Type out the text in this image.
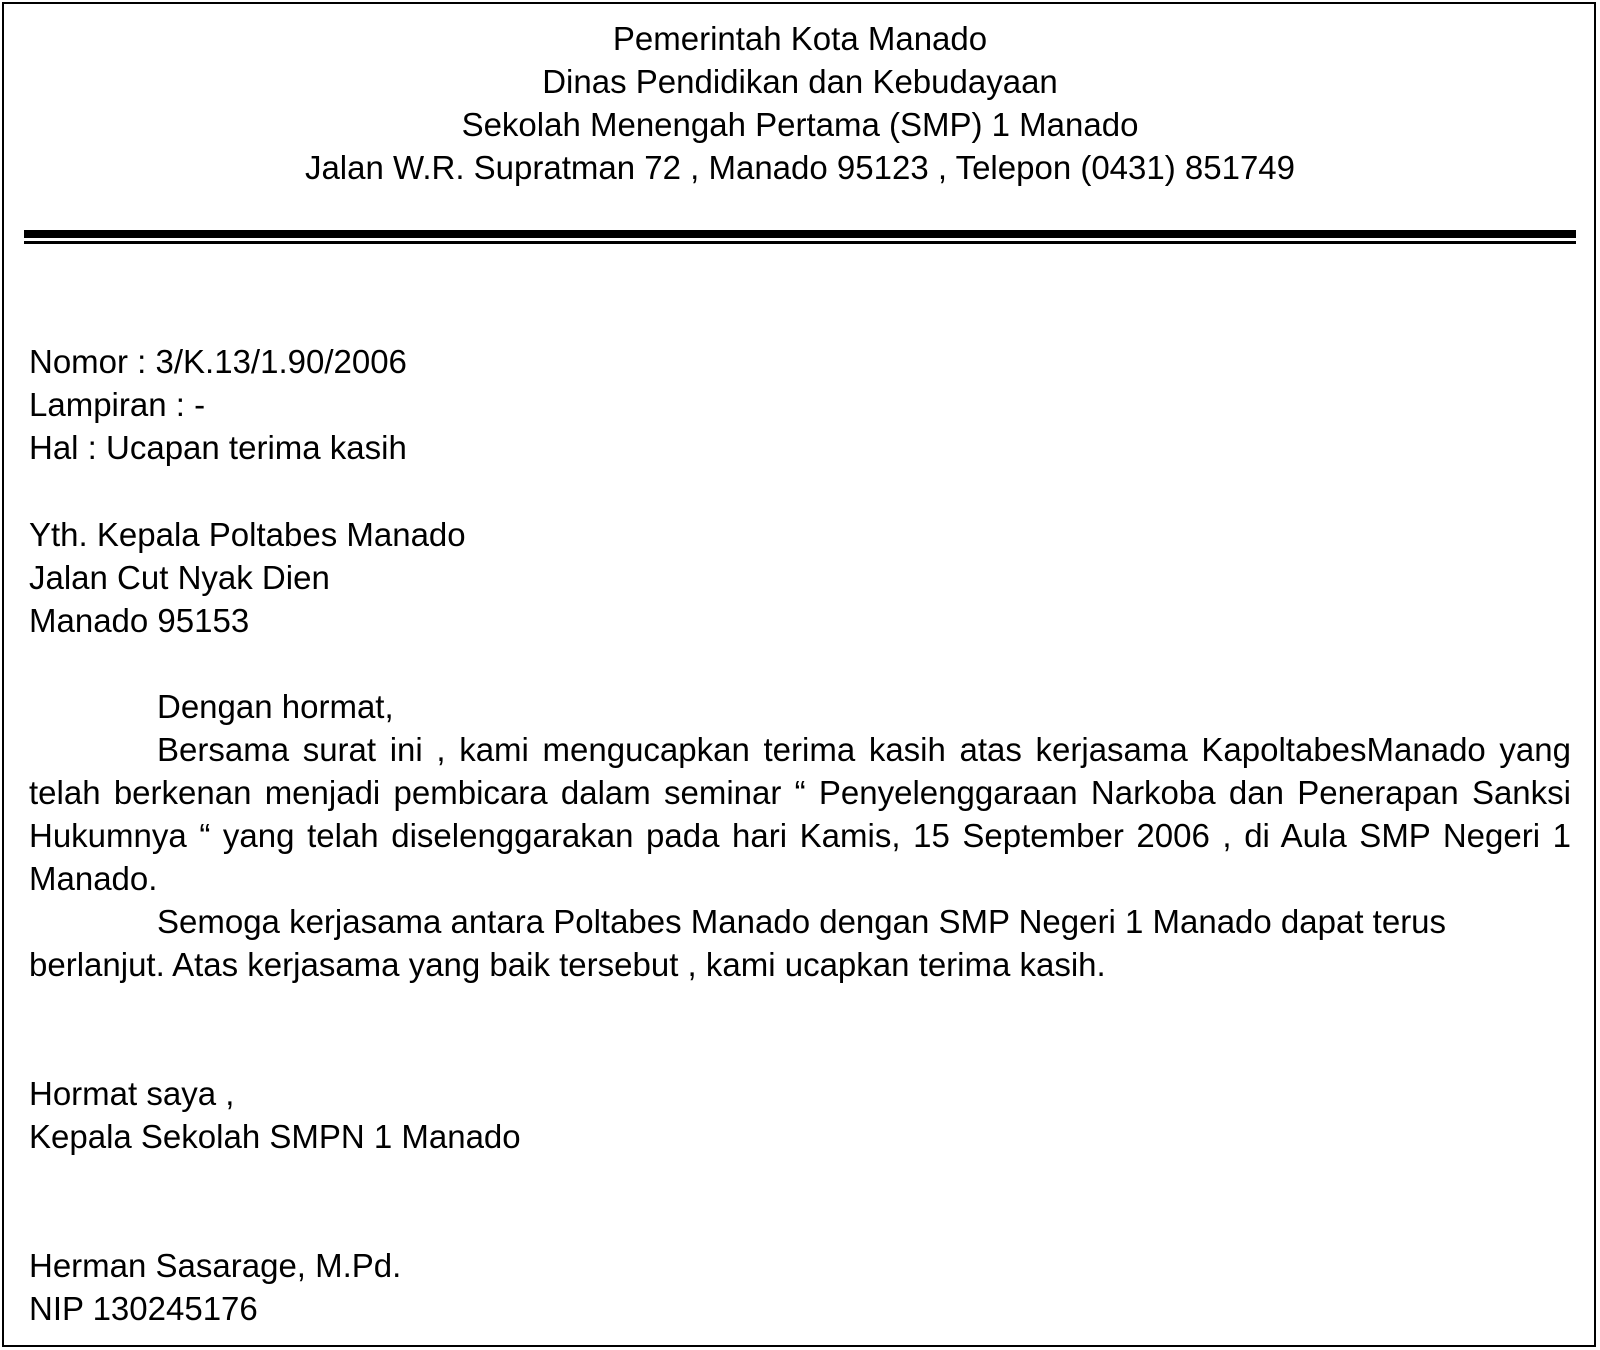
Pemerintah Kota Manado
Dinas Pendidikan dan Kebudayaan
Sekolah Menengah Pertama (SMP) 1 Manado
Jalan W.R. Supratman 72 , Manado 95123 , Telepon (0431) 851749
Nomor : 3/K.13/1.90/2006
Lampiran : -
Hal : Ucapan terima kasih
Yth. Kepala Poltabes Manado
Jalan Cut Nyak Dien
Manado 95153
Dengan hormat,

Bersama surat ini , kami mengucapkan terima kasih atas kerjasama KapoltabesManado yang telah berkenan menjadi pembicara dalam seminar “ Penyelenggaraan Narkoba dan Penerapan Sanksi Hukumnya “ yang telah diselenggarakan pada hari Kamis, 15 September 2006 , di Aula SMP Negeri 1 Manado.

Semoga kerjasama antara Poltabes Manado dengan SMP Negeri 1 Manado dapat terus berlanjut. Atas kerjasama yang baik tersebut , kami ucapkan terima kasih.

Hormat saya ,
Kepala Sekolah SMPN 1 Manado
Herman Sasarage, M.Pd.
NIP 130245176
